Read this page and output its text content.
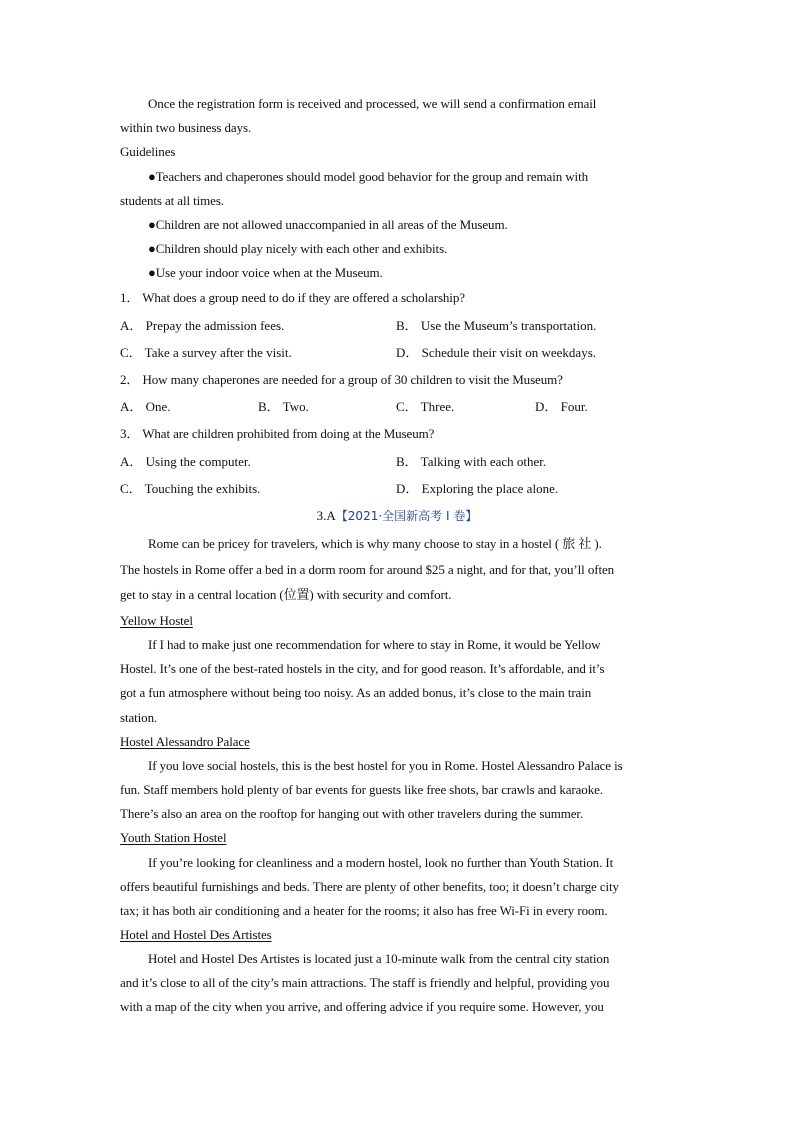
Once the registration form is received and processed, we will send a confirmation email
within two business days.
Guidelines
●Teachers and chaperones should model good behavior for the group and remain with
students at all times.
●Children are not allowed unaccompanied in all areas of the Museum.
●Children should play nicely with each other and exhibits.
●Use your indoor voice when at the Museum.
1． What does a group need to do if they are offered a scholarship?
A． Prepay the admission fees.	B． Use the Museum’s transportation.
C． Take a survey after the visit.	D． Schedule their visit on weekdays.
2． How many chaperones are needed for a group of 30 children to visit the Museum?
A． One.	B． Two.	C． Three.	D． Four.
3． What are children prohibited from doing at the Museum?
A． Using the computer.	B． Talking with each other.
C． Touching the exhibits.	D． Exploring the place alone.
3.A【2021·全国新高考 I 卷】
Rome can be pricey for travelers, which is why many choose to stay in a hostel ( 旅 社 ).
The hostels in Rome offer a bed in a dorm room for around $25 a night, and for that, you’ll often
get to stay in a central location (位置) with security and comfort.
Yellow Hostel
If I had to make just one recommendation for where to stay in Rome, it would be Yellow
Hostel. It’s one of the best-rated hostels in the city, and for good reason. It’s affordable, and it’s
got a fun atmosphere without being too noisy. As an added bonus, it’s close to the main train
station.
Hostel Alessandro Palace
If you love social hostels, this is the best hostel for you in Rome. Hostel Alessandro Palace is
fun. Staff members hold plenty of bar events for guests like free shots, bar crawls and karaoke.
There’s also an area on the rooftop for hanging out with other travelers during the summer.
Youth Station Hostel
If you’re looking for cleanliness and a modern hostel, look no further than Youth Station. It
offers beautiful furnishings and beds. There are plenty of other benefits, too; it doesn’t charge city
tax; it has both air conditioning and a heater for the rooms; it also has free Wi-Fi in every room.
Hotel and Hostel Des Artistes
Hotel and Hostel Des Artistes is located just a 10-minute walk from the central city station
and it’s close to all of the city’s main attractions. The staff is friendly and helpful, providing you
with a map of the city when you arrive, and offering advice if you require some. However, you
